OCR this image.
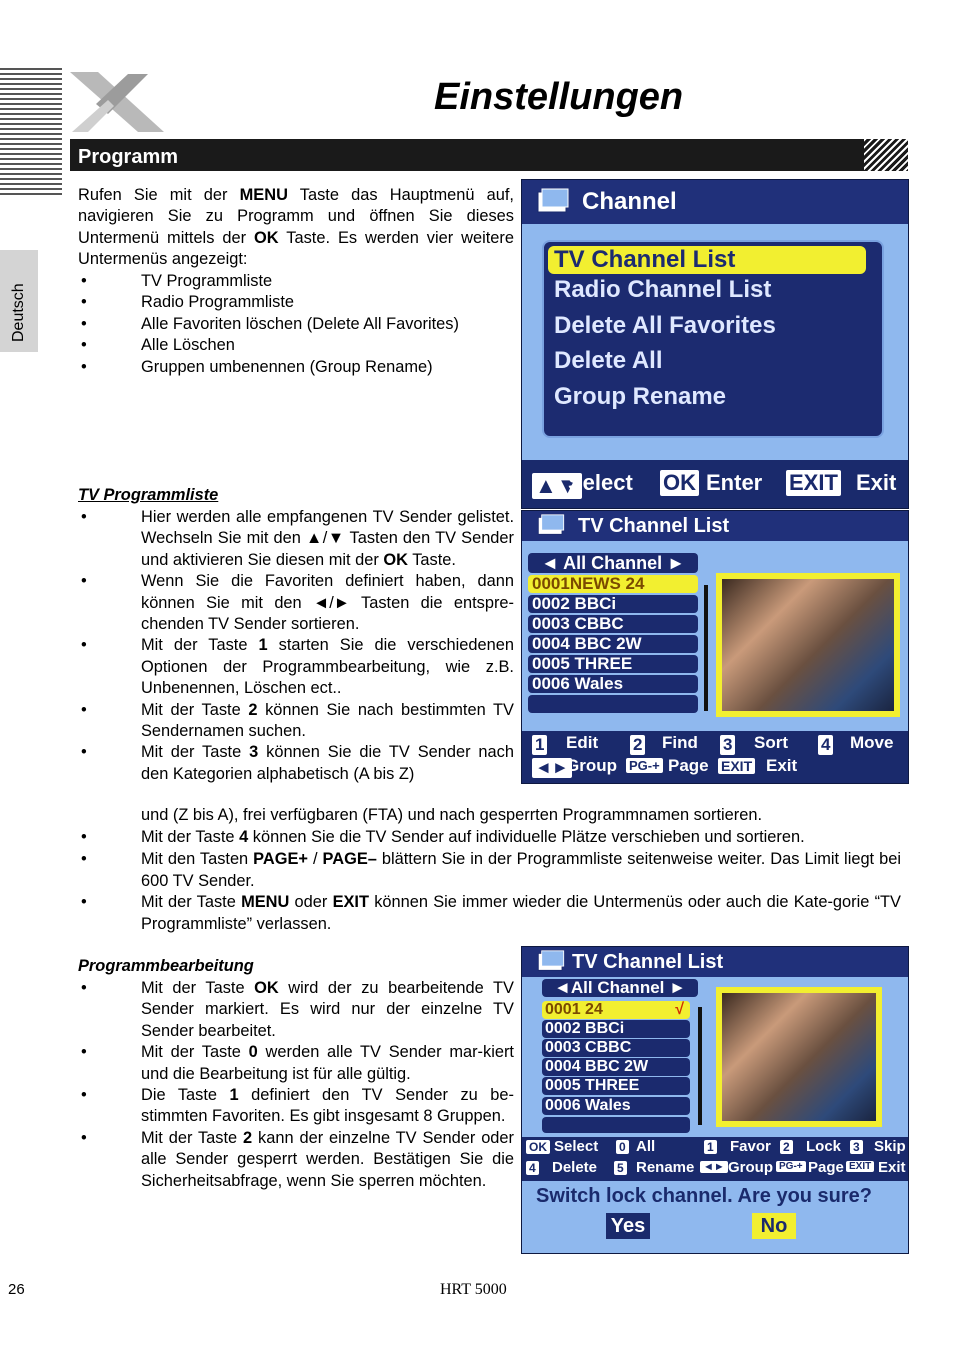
Einstellungen
Deutsch
Programm
Rufen Sie mit der MENU Taste das Hauptmenü auf, navigieren Sie zu Programm und öffnen Sie dieses Untermenü mittels der OK Taste. Es werden vier weitere Untermenüs angezeigt:
• TV Programmliste
• Radio Programmliste
• Alle Favoriten löschen (Delete All Favorites)
• Alle Löschen
• Gruppen umbenennen (Group Rename)
TV Programmliste
• Hier werden alle empfangenen TV Sender gelistet. Wechseln Sie mit den ▲/▼ Tasten den TV Sender und aktivieren Sie diesen mit der OK Taste.
• Wenn Sie die Favoriten definiert haben, dann können Sie mit den ◄/► Tasten die entspre-chenden TV Sender sortieren.
• Mit der Taste 1 starten Sie die verschiedenen Optionen der Programmbearbeitung, wie z.B. Unbenennen, Löschen ect..
• Mit der Taste 2 können Sie nach bestimmten TV Sendernamen suchen.
• Mit der Taste 3 können Sie die TV Sender nach den Kategorien alphabetisch (A bis Z)
und (Z bis A), frei verfügbaren (FTA) und nach gesperrten Programmnamen sortieren.
• Mit der Taste 4 können Sie die TV Sender auf individuelle Plätze verschieben und sortieren.
• Mit den Tasten PAGE+ / PAGE– blättern Sie in der Programmliste seitenweise weiter. Das Limit liegt bei 600 TV Sender.
• Mit der Taste MENU oder EXIT können Sie immer wieder die Untermenüs oder auch die Kate-gorie “TV Programmliste” verlassen.
Programmbearbeitung
• Mit der Taste OK wird der zu bearbeitende TV Sender markiert. Es wird nur der einzelne TV Sender bearbeitet.
• Mit der Taste 0 werden alle TV Sender mar-kiert und die Bearbeitung ist für alle gültig.
• Die Taste 1 definiert den TV Sender zu be-stimmten Favoriten. Es gibt insgesamt 8 Gruppen.
• Mit der Taste 2 kann der einzelne TV Sender oder alle Sender gesperrt werden. Bestätigen Sie die Sicherheitsabfrage, wenn Sie sperren möchten.
Channel
TV Channel List
Radio Channel List
Delete All Favorites
Delete All
Group Rename
▲▼
Select OK Enter EXIT Exit
TV Channel List
◄ All Channel ►
0001NEWS 24
0002 BBCi
0003 CBBC
0004 BBC 2W
0005 THREE
0006 Wales
1 Edit 2 Find 3 Sort 4 Move
◄►
Group PG-+ Page EXIT Exit
TV Channel List
◄All Channel ►
0001 24	√
0002 BBCi
0003 CBBC
0004 BBC 2W
0005 THREE
0006 Wales
OK Select 0 All	1 Favor 2 Lock 3 Skip
4 Delete 5 Rename ◄► Group PG-+ Page EXIT Exit
Switch lock channel. Are you sure?
Yes	No
26	HRT 5000
